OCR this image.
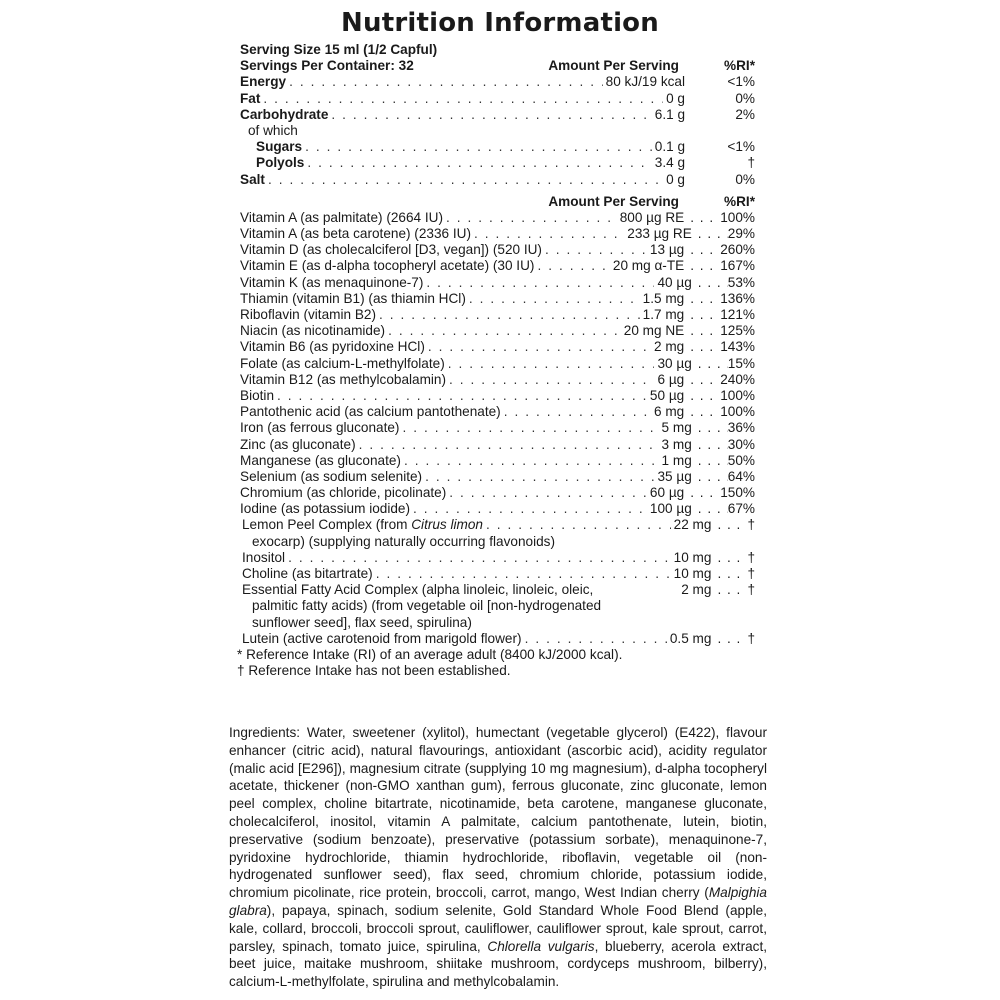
Nutrition Information
Serving Size 15 ml (1/2 Capful)
Servings Per Container: 32	Amount Per Serving	%RI*
Energy . . .	80 kJ/19 kcal	<1%
Fat . . .	0 g	0%
Carbohydrate . . .	6.1 g	2%
of which
Sugars . . .	0.1 g	<1%
Polyols . . .	3.4 g	†
Salt . . .	0 g	0%
Amount Per Serving	%RI*
Vitamin A (as palmitate) (2664 IU) . . .	800 µg RE . . .	100%
Vitamin A (as beta carotene) (2336 IU) . . .	233 µg RE . . .	29%
Vitamin D (as cholecalciferol [D3, vegan]) (520 IU) . . .	13 µg . . .	260%
Vitamin E (as d-alpha tocopheryl acetate) (30 IU) . . .	20 mg α-TE . . .	167%
Vitamin K (as menaquinone-7) . . .	40 µg . . .	53%
Thiamin (vitamin B1) (as thiamin HCl) . . .	1.5 mg . . .	136%
Riboflavin (vitamin B2) . . .	1.7 mg . . .	121%
Niacin (as nicotinamide) . . .	20 mg NE . . .	125%
Vitamin B6 (as pyridoxine HCl) . . .	2 mg . . .	143%
Folate (as calcium-L-methylfolate) . . .	30 µg . . .	15%
Vitamin B12 (as methylcobalamin) . . .	6 µg . . .	240%
Biotin . . .	50 µg . . .	100%
Pantothenic acid (as calcium pantothenate) . . .	6 mg . . .	100%
Iron (as ferrous gluconate) . . .	5 mg . . .	36%
Zinc (as gluconate) . . .	3 mg . . .	30%
Manganese (as gluconate) . . .	1 mg . . .	50%
Selenium (as sodium selenite) . . .	35 µg . . .	64%
Chromium (as chloride, picolinate) . . .	60 µg . . .	150%
Iodine (as potassium iodide) . . .	100 µg . . .	67%
Lemon Peel Complex (from Citrus limon . . .	22 mg . . .	†
exocarp) (supplying naturally occurring flavonoids)
Inositol . . .	10 mg . . .	†
Choline (as bitartrate) . . .	10 mg . . .	†
Essential Fatty Acid Complex (alpha linoleic, linoleic, oleic,	2 mg . . .	†
palmitic fatty acids) (from vegetable oil [non-hydrogenated
sunflower seed], flax seed, spirulina)
Lutein (active carotenoid from marigold flower) . . .	0.5 mg . . .	†
* Reference Intake (RI) of an average adult (8400 kJ/2000 kcal).
† Reference Intake has not been established.
Ingredients: Water, sweetener (xylitol), humectant (vegetable glycerol) (E422), flavour enhancer (citric acid), natural flavourings, antioxidant (ascorbic acid), acidity regulator (malic acid [E296]), magnesium citrate (supplying 10 mg magnesium), d-alpha tocopheryl acetate, thickener (non-GMO xanthan gum), ferrous gluconate, zinc gluconate, lemon peel complex, choline bitartrate, nicotinamide, beta carotene, manganese gluconate, cholecalciferol, inositol, vitamin A palmitate, calcium pantothenate, lutein, biotin, preservative (sodium benzoate), preservative (potassium sorbate), menaquinone-7, pyridoxine hydrochloride, thiamin hydrochloride, riboflavin, vegetable oil (non-hydrogenated sunflower seed), flax seed, chromium chloride, potassium iodide, chromium picolinate, rice protein, broccoli, carrot, mango, West Indian cherry (Malpighia glabra), papaya, spinach, sodium selenite, Gold Standard Whole Food Blend (apple, kale, collard, broccoli, broccoli sprout, cauliflower, cauliflower sprout, kale sprout, carrot, parsley, spinach, tomato juice, spirulina, Chlorella vulgaris, blueberry, acerola extract, beet juice, maitake mushroom, shiitake mushroom, cordyceps mushroom, bilberry), calcium-L-methylfolate, spirulina and methylcobalamin.
